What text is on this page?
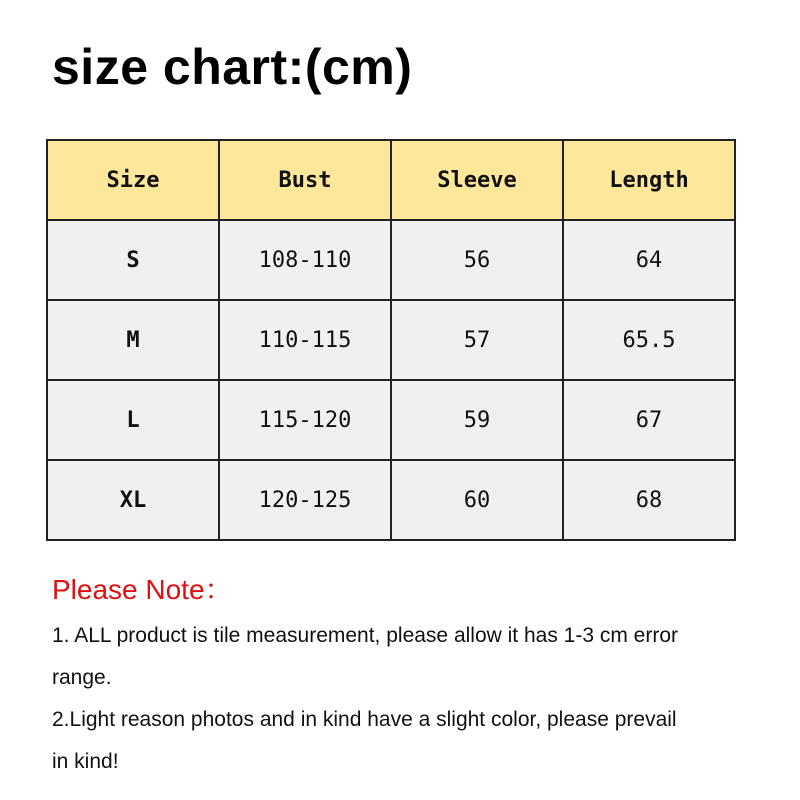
size chart:(cm)
Size	Bust	Sleeve	Length
S	108-110	56	64
M	110-115	57	65.5
L	115-120	59	67
XL	120-125	60	68
Please Note：
1. ALL product is tile measurement, please allow it has 1-3 cm error
range.
2.Light reason photos and in kind have a slight color, please prevail
in kind!
